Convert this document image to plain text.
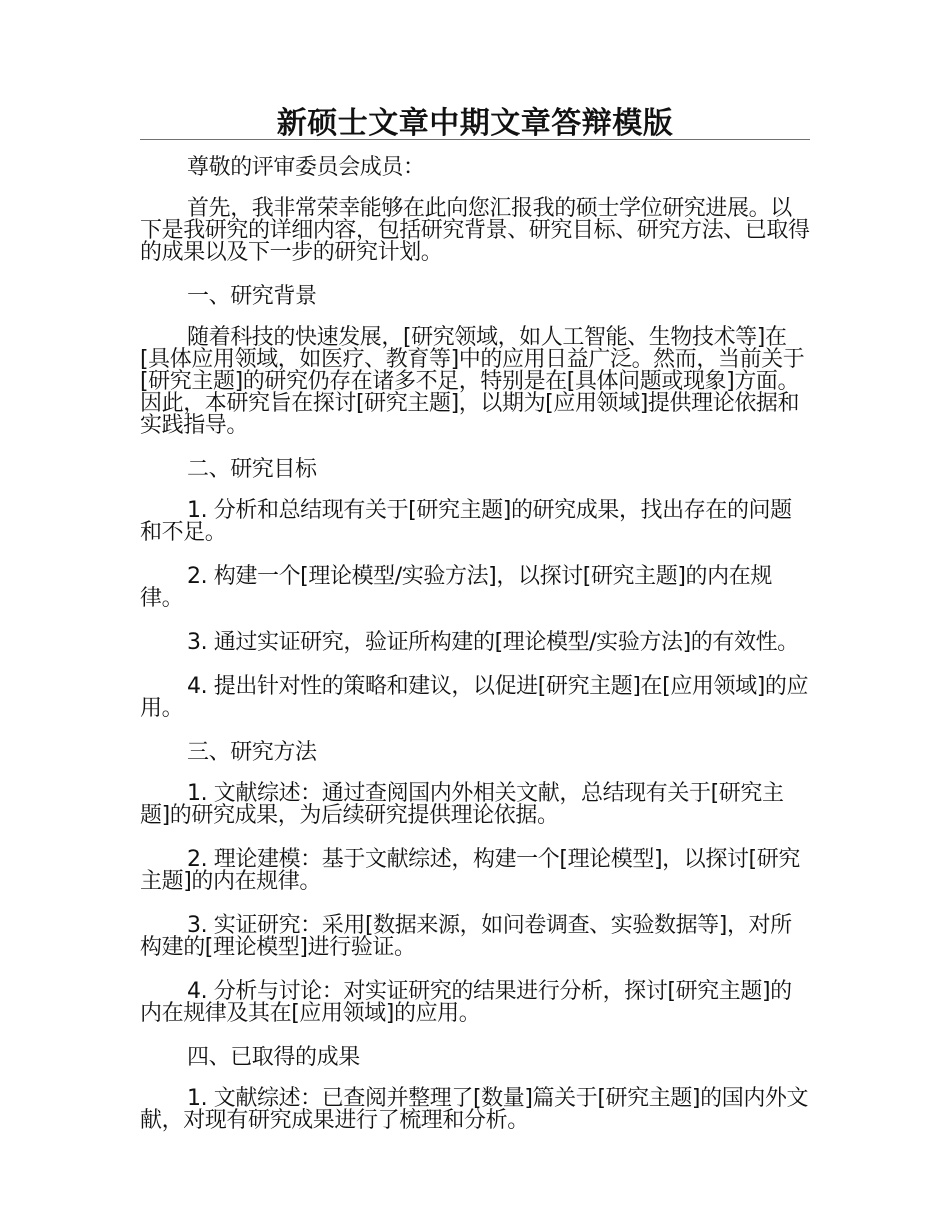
新硕士文章中期文章答辩模版

尊敬的评审委员会成员：

首先，我非常荣幸能够在此向您汇报我的硕士学位研究进展。以下是我研究的详细内容，包括研究背景、研究目标、研究方法、已取得的成果以及下一步的研究计划。

一、研究背景

随着科技的快速发展，[研究领域，如人工智能、生物技术等]在[具体应用领域，如医疗、教育等]中的应用日益广泛。然而，当前关于[研究主题]的研究仍存在诸多不足，特别是在[具体问题或现象]方面。因此，本研究旨在探讨[研究主题]，以期为[应用领域]提供理论依据和实践指导。

二、研究目标

1. 分析和总结现有关于[研究主题]的研究成果，找出存在的问题和不足。

2. 构建一个[理论模型/实验方法]，以探讨[研究主题]的内在规律。

3. 通过实证研究，验证所构建的[理论模型/实验方法]的有效性。

4. 提出针对性的策略和建议，以促进[研究主题]在[应用领域]的应用。

三、研究方法

1. 文献综述：通过查阅国内外相关文献，总结现有关于[研究主题]的研究成果，为后续研究提供理论依据。

2. 理论建模：基于文献综述，构建一个[理论模型]，以探讨[研究主题]的内在规律。

3. 实证研究：采用[数据来源，如问卷调查、实验数据等]，对所构建的[理论模型]进行验证。

4. 分析与讨论：对实证研究的结果进行分析，探讨[研究主题]的内在规律及其在[应用领域]的应用。

四、已取得的成果

1. 文献综述：已查阅并整理了[数量]篇关于[研究主题]的国内外文献，对现有研究成果进行了梳理和分析。
